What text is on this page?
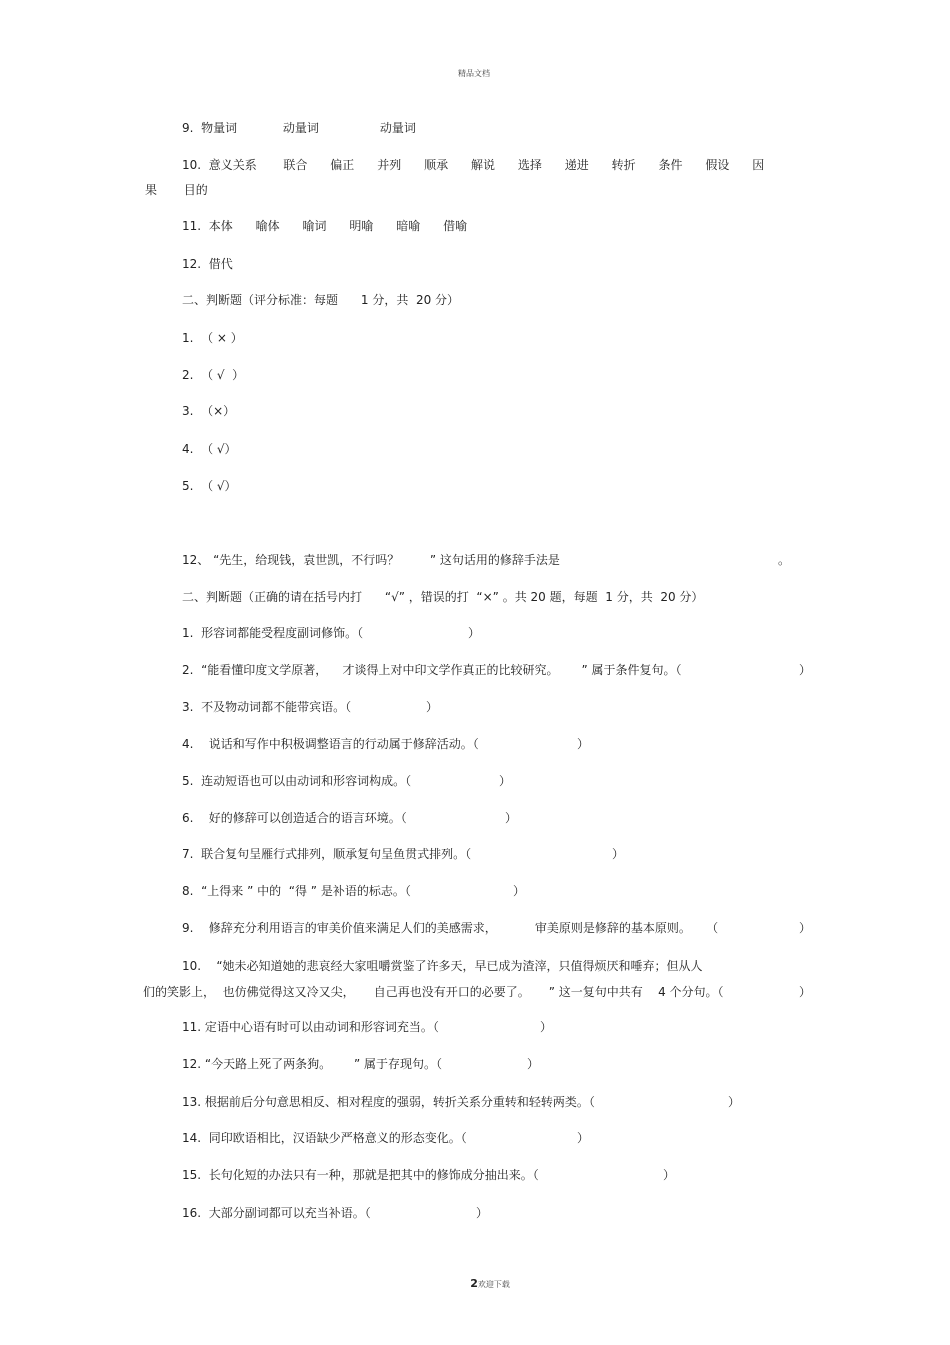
精品文档
9.  物量词            动量词                动量词
10.  意义关系       联合      偏正      并列      顺承      解说      选择      递进      转折      条件      假设      因
果       目的
11.  本体      喻体      喻词      明喻      暗喻      借喻
12.  借代
二、判断题（评分标准：每题      1 分，共  20 分）
1.  （ × ）
2.  （ √  ）
3.  （×）
4.  （ √）
5.  （ √）
12、 “先生，给现钱，袁世凯，不行吗？        ” 这句话用的修辞手法是	。
二、判断题（正确的请在括号内打      “√” ，错误的打  “×” 。共 20 题，每题  1 分，共  20 分）
1.  形容词都能受程度副词修饰。（	）
2.  “能看懂印度文学原著，    才谈得上对中印文学作真正的比较研究。      ” 属于条件复句。（	）
3.  不及物动词都不能带宾语。（	）
4.    说话和写作中积极调整语言的行动属于修辞活动。（	）
5.  连动短语也可以由动词和形容词构成。（	）
6.    好的修辞可以创造适合的语言环境。（	）
7.  联合复句呈雁行式排列，顺承复句呈鱼贯式排列。（	）
8.  “上得来 ” 中的  “得 ” 是补语的标志。（	）
9.    修辞充分利用语言的审美价值来满足人们的美感需求，          审美原则是修辞的基本原则。    （	）
10.    “她未必知道她的悲哀经大家咀嚼赏鉴了许多天，早已成为渣滓，只值得烦厌和唾弃；但从人
们的笑影上，  也仿佛觉得这又冷又尖，     自己再也没有开口的必要了。     ” 这一复句中共有    4 个分句。（	）
11. 定语中心语有时可以由动词和形容词充当。（	）
12. “今天路上死了两条狗。      ” 属于存现句。（	）
13. 根据前后分句意思相反、相对程度的强弱，转折关系分重转和轻转两类。（	）
14.  同印欧语相比，汉语缺少严格意义的形态变化。（	）
15.  长句化短的办法只有一种，那就是把其中的修饰成分抽出来。（	）
16.  大部分副词都可以充当补语。（	）

2欢迎下载
